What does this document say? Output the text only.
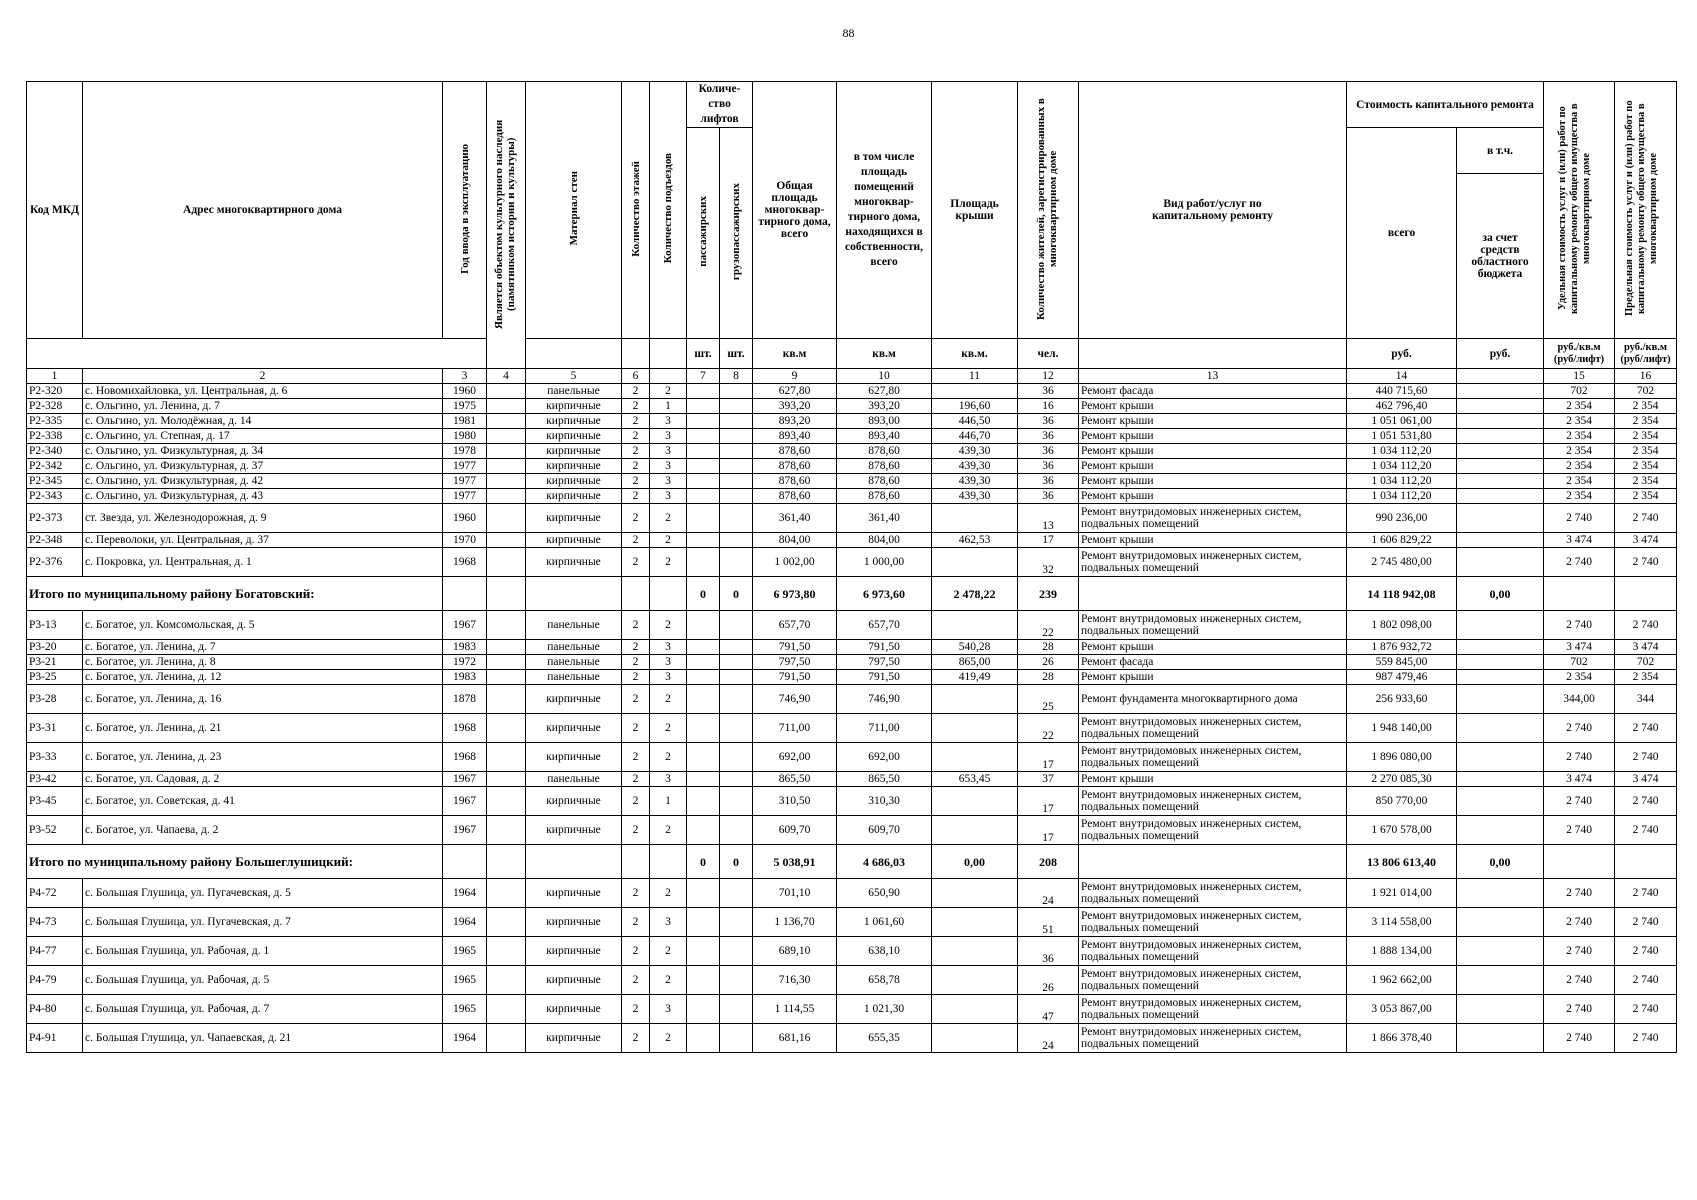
88
Код МКД	Адрес многоквартирного дома	Год ввода в эксплуатацию	Является объектом культурного наследия (памятником истории и культуры)	Материал стен	Количество этажей	Количество подъездов	Количе-ство лифтов		Общая площадь многоквар-тирного дома, всего	в том числе площадь помещений многоквар-тирного дома, находящихся в собственности, всего	Площадь крыши	Количество жителей, зарегистрированных в многоквартирном доме	Вид работ/услуг по капитальному ремонту	Стоимость капитального ремонта		Удельная стоимость услуг и (или) работ по капитальному ремонту общего имущества в многоквартирном доме	Предельная стоимость услуг и (или) работ по капитальному ремонту общего имущества в многоквартирном доме
							пассажирских	грузопассажирских						всего	в т.ч.		
															за счет средств областного бюджета		
							шт.	шт.	кв.м	кв.м	кв.м.	чел.		руб.	руб.	руб./кв.м (руб/лифт)	руб./кв.м (руб/лифт)
1	2	3	4	5	6		7	8	9	10	11	12	13	14		15	16
Р2-320	с. Новомихайловка, ул. Центральная, д. 6	1960		панельные	2	2			627,80	627,80		36	Ремонт фасада	440 715,60		702	702
Р2-328	с. Ольгино, ул. Ленина, д. 7	1975		кирпичные	2	1			393,20	393,20	196,60	16	Ремонт крыши	462 796,40		2 354	2 354
Р2-335	с. Ольгино, ул. Молодёжная, д. 14	1981		кирпичные	2	3			893,20	893,00	446,50	36	Ремонт крыши	1 051 061,00		2 354	2 354
Р2-338	с. Ольгино, ул. Степная, д. 17	1980		кирпичные	2	3			893,40	893,40	446,70	36	Ремонт крыши	1 051 531,80		2 354	2 354
Р2-340	с. Ольгино, ул. Физкультурная, д. 34	1978		кирпичные	2	3			878,60	878,60	439,30	36	Ремонт крыши	1 034 112,20		2 354	2 354
Р2-342	с. Ольгино, ул. Физкультурная, д. 37	1977		кирпичные	2	3			878,60	878,60	439,30	36	Ремонт крыши	1 034 112,20		2 354	2 354
Р2-345	с. Ольгино, ул. Физкультурная, д. 42	1977		кирпичные	2	3			878,60	878,60	439,30	36	Ремонт крыши	1 034 112,20		2 354	2 354
Р2-343	с. Ольгино, ул. Физкультурная, д. 43	1977		кирпичные	2	3			878,60	878,60	439,30	36	Ремонт крыши	1 034 112,20		2 354	2 354
Р2-373	ст. Звезда, ул. Железнодорожная, д. 9	1960		кирпичные	2	2			361,40	361,40		13	Ремонт внутридомовых инженерных систем, подвальных помещений	990 236,00		2 740	2 740
Р2-348	с. Переволоки, ул. Центральная, д. 37	1970		кирпичные	2	2			804,00	804,00	462,53	17	Ремонт крыши	1 606 829,22		3 474	3 474
Р2-376	с. Покровка, ул. Центральная, д. 1	1968		кирпичные	2	2			1 002,00	1 000,00		32	Ремонт внутридомовых инженерных систем, подвальных помещений	2 745 480,00		2 740	2 740
Итого по муниципальному району Богатовский:							0	0	6 973,80	6 973,60	2 478,22	239		14 118 942,08	0,00		
Р3-13	с. Богатое, ул. Комсомольская, д. 5	1967		панельные	2	2			657,70	657,70		22	Ремонт внутридомовых инженерных систем, подвальных помещений	1 802 098,00		2 740	2 740
Р3-20	с. Богатое, ул. Ленина, д. 7	1983		панельные	2	3			791,50	791,50	540,28	28	Ремонт крыши	1 876 932,72		3 474	3 474
Р3-21	с. Богатое, ул. Ленина, д. 8	1972		панельные	2	3			797,50	797,50	865,00	26	Ремонт фасада	559 845,00		702	702
Р3-25	с. Богатое, ул. Ленина, д. 12	1983		панельные	2	3			791,50	791,50	419,49	28	Ремонт крыши	987 479,46		2 354	2 354
Р3-28	с. Богатое, ул. Ленина, д. 16	1878		кирпичные	2	2			746,90	746,90		25	Ремонт фундамента многоквартирного дома	256 933,60		344,00	344
Р3-31	с. Богатое, ул. Ленина, д. 21	1968		кирпичные	2	2			711,00	711,00		22	Ремонт внутридомовых инженерных систем, подвальных помещений	1 948 140,00		2 740	2 740
Р3-33	с. Богатое, ул. Ленина, д. 23	1968		кирпичные	2	2			692,00	692,00		17	Ремонт внутридомовых инженерных систем, подвальных помещений	1 896 080,00		2 740	2 740
Р3-42	с. Богатое, ул. Садовая, д. 2	1967		панельные	2	3			865,50	865,50	653,45	37	Ремонт крыши	2 270 085,30		3 474	3 474
Р3-45	с. Богатое, ул. Советская, д. 41	1967		кирпичные	2	1			310,50	310,30		17	Ремонт внутридомовых инженерных систем, подвальных помещений	850 770,00		2 740	2 740
Р3-52	с. Богатое, ул. Чапаева, д. 2	1967		кирпичные	2	2			609,70	609,70		17	Ремонт внутридомовых инженерных систем, подвальных помещений	1 670 578,00		2 740	2 740
Итого по муниципальному району Большеглушицкий:							0	0	5 038,91	4 686,03	0,00	208		13 806 613,40	0,00		
Р4-72	с. Большая Глушица, ул. Пугачевская, д. 5	1964		кирпичные	2	2			701,10	650,90		24	Ремонт внутридомовых инженерных систем, подвальных помещений	1 921 014,00		2 740	2 740
Р4-73	с. Большая Глушица, ул. Пугачевская, д. 7	1964		кирпичные	2	3			1 136,70	1 061,60		51	Ремонт внутридомовых инженерных систем, подвальных помещений	3 114 558,00		2 740	2 740
Р4-77	с. Большая Глушица, ул. Рабочая, д. 1	1965		кирпичные	2	2			689,10	638,10		36	Ремонт внутридомовых инженерных систем, подвальных помещений	1 888 134,00		2 740	2 740
Р4-79	с. Большая Глушица, ул. Рабочая, д. 5	1965		кирпичные	2	2			716,30	658,78		26	Ремонт внутридомовых инженерных систем, подвальных помещений	1 962 662,00		2 740	2 740
Р4-80	с. Большая Глушица, ул. Рабочая, д. 7	1965		кирпичные	2	3			1 114,55	1 021,30		47	Ремонт внутридомовых инженерных систем, подвальных помещений	3 053 867,00		2 740	2 740
Р4-91	с. Большая Глушица, ул. Чапаевская, д. 21	1964		кирпичные	2	2			681,16	655,35		24	Ремонт внутридомовых инженерных систем, подвальных помещений	1 866 378,40		2 740	2 740
